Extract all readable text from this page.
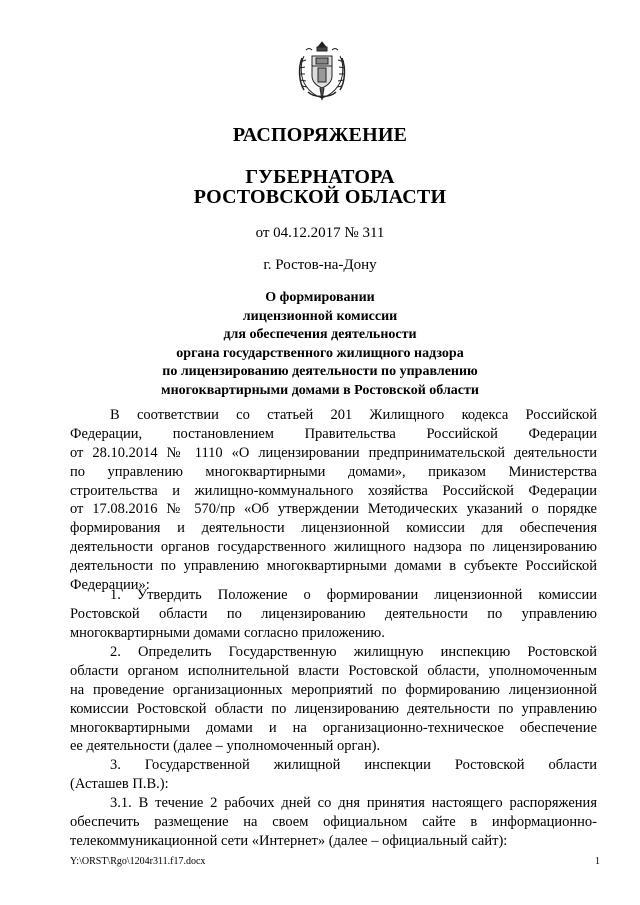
РАСПОРЯЖЕНИЕ
ГУБЕРНАТОРА
РОСТОВСКОЙ ОБЛАСТИ
от 04.12.2017 № 311
г. Ростов-на-Дону
О формировании
лицензионной комиссии
для обеспечения деятельности
органа государственного жилищного надзора
по лицензированию деятельности по управлению
многоквартирными домами в Ростовской области
В соответствии со статьей 201 Жилищного кодекса Российской
Федерации, постановлением Правительства Российской Федерации
от 28.10.2014 № 1110 «О лицензировании предпринимательской деятельности
по управлению многоквартирными домами», приказом Министерства
строительства и жилищно-коммунального хозяйства Российской Федерации
от 17.08.2016 № 570/пр «Об утверждении Методических указаний о порядке
формирования и деятельности лицензионной комиссии для обеспечения
деятельности органов государственного жилищного надзора по лицензированию
деятельности по управлению многоквартирными домами в субъекте Российской
Федерации»:
1. Утвердить Положение о формировании лицензионной комиссии
Ростовской области по лицензированию деятельности по управлению
многоквартирными домами согласно приложению.
2. Определить Государственную жилищную инспекцию Ростовской
области органом исполнительной власти Ростовской области, уполномоченным
на проведение организационных мероприятий по формированию лицензионной
комиссии Ростовской области по лицензированию деятельности по управлению
многоквартирными домами и на организационно-техническое обеспечение
ее деятельности (далее – уполномоченный орган).
3. Государственной жилищной инспекции Ростовской области
(Асташев П.В.):
3.1. В течение 2 рабочих дней со дня принятия настоящего распоряжения
обеспечить размещение на своем официальном сайте в информационно-
телекоммуникационной сети «Интернет» (далее – официальный сайт):
Y:\ORST\Rgo\1204r311.f17.docx	1
